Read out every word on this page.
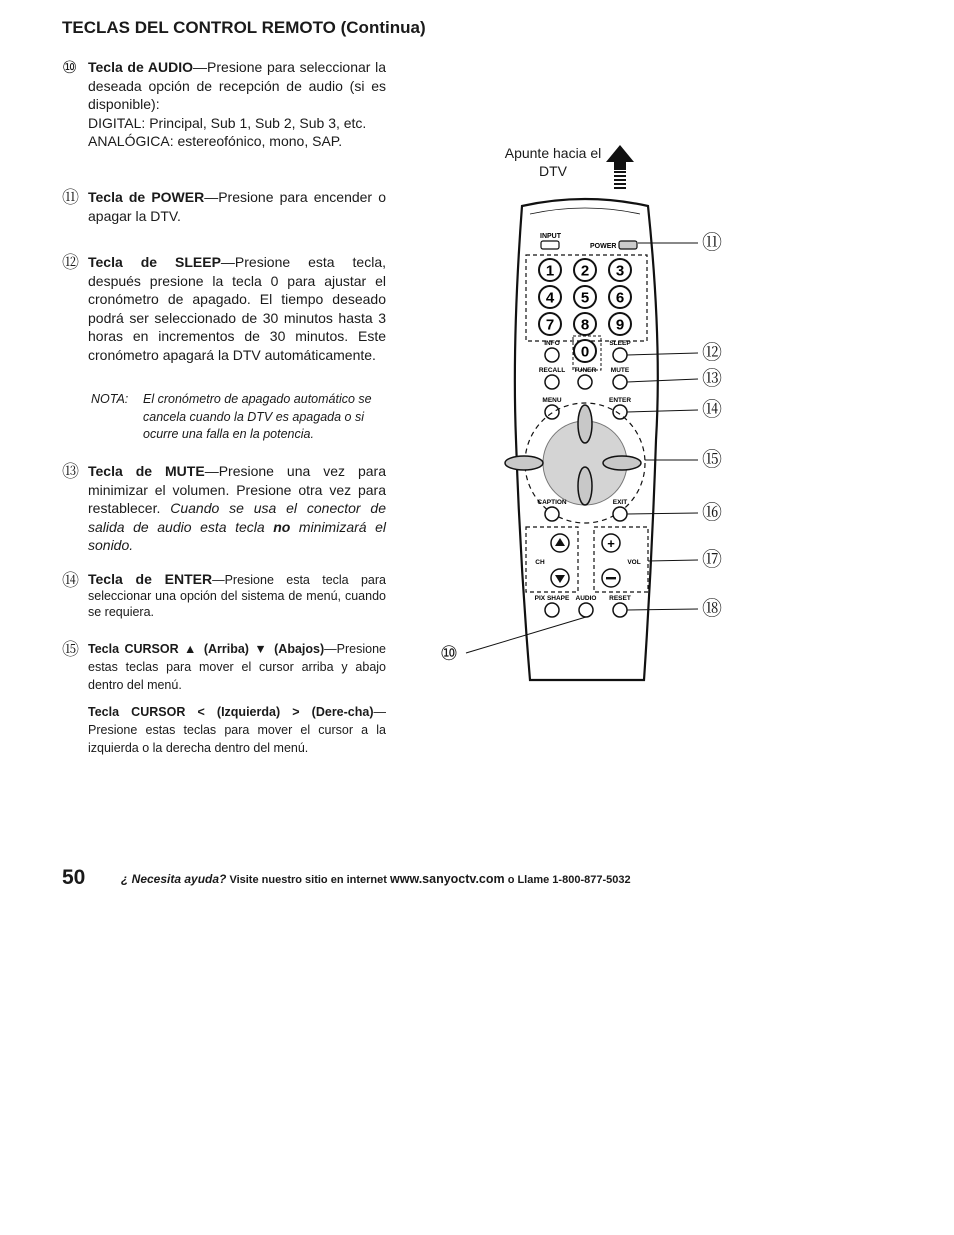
TECLAS DEL CONTROL REMOTO (Continua)
⑩ Tecla de AUDIO—Presione para seleccionar la deseada opción de recepción de audio (si es disponible):

DIGITAL: Principal, Sub 1, Sub 2, Sub 3, etc.

ANALÓGICA: estereofónico, mono, SAP.

⑪ Tecla de POWER—Presione para encender o apagar la DTV.

⑫ Tecla de SLEEP—Presione esta tecla, después presione la tecla 0 para ajustar el cronómetro de apagado. El tiempo deseado podrá ser seleccionado de 30 minutos hasta 3 horas en incrementos de 30 minutos. Este cronómetro apagará la DTV automáticamente.

NOTA: El cronómetro de apagado automático se cancela cuando la DTV es apagada o si ocurre una falla en la potencia.
⑬ Tecla de MUTE—Presione una vez para minimizar el volumen. Presione otra vez para restablecer. Cuando se usa el conector de salida de audio esta tecla no minimizará el sonido.

⑭ Tecla de ENTER—Presione esta tecla para seleccionar una opción del sistema de menú, cuando se requiera.

⑮ Tecla CURSOR ▲ (Arriba) ▼ (Abajos)—Presione estas teclas para mover el cursor arriba y abajo dentro del menú.

Tecla CURSOR < (Izquierda) > (Dere-cha)—Presione estas teclas para mover el cursor a la izquierda o la derecha dentro del menú.

Apunte hacia el DTV
INPUT
POWER
1 2 3
4 5 6
7 8 9
0
INFO	SLEEP
RECALL TUNER MUTE
MENU	ENTER
CAPTION	EXIT
CH	VOL
+
PIX SHAPE AUDIO RESET
⑪
⑫
⑬
⑭
⑮
⑯
⑰
⑱
⑩
50	¿ Necesita ayuda? Visite nuestro sitio en internet www.sanyoctv.com o Llame 1-800-877-5032
